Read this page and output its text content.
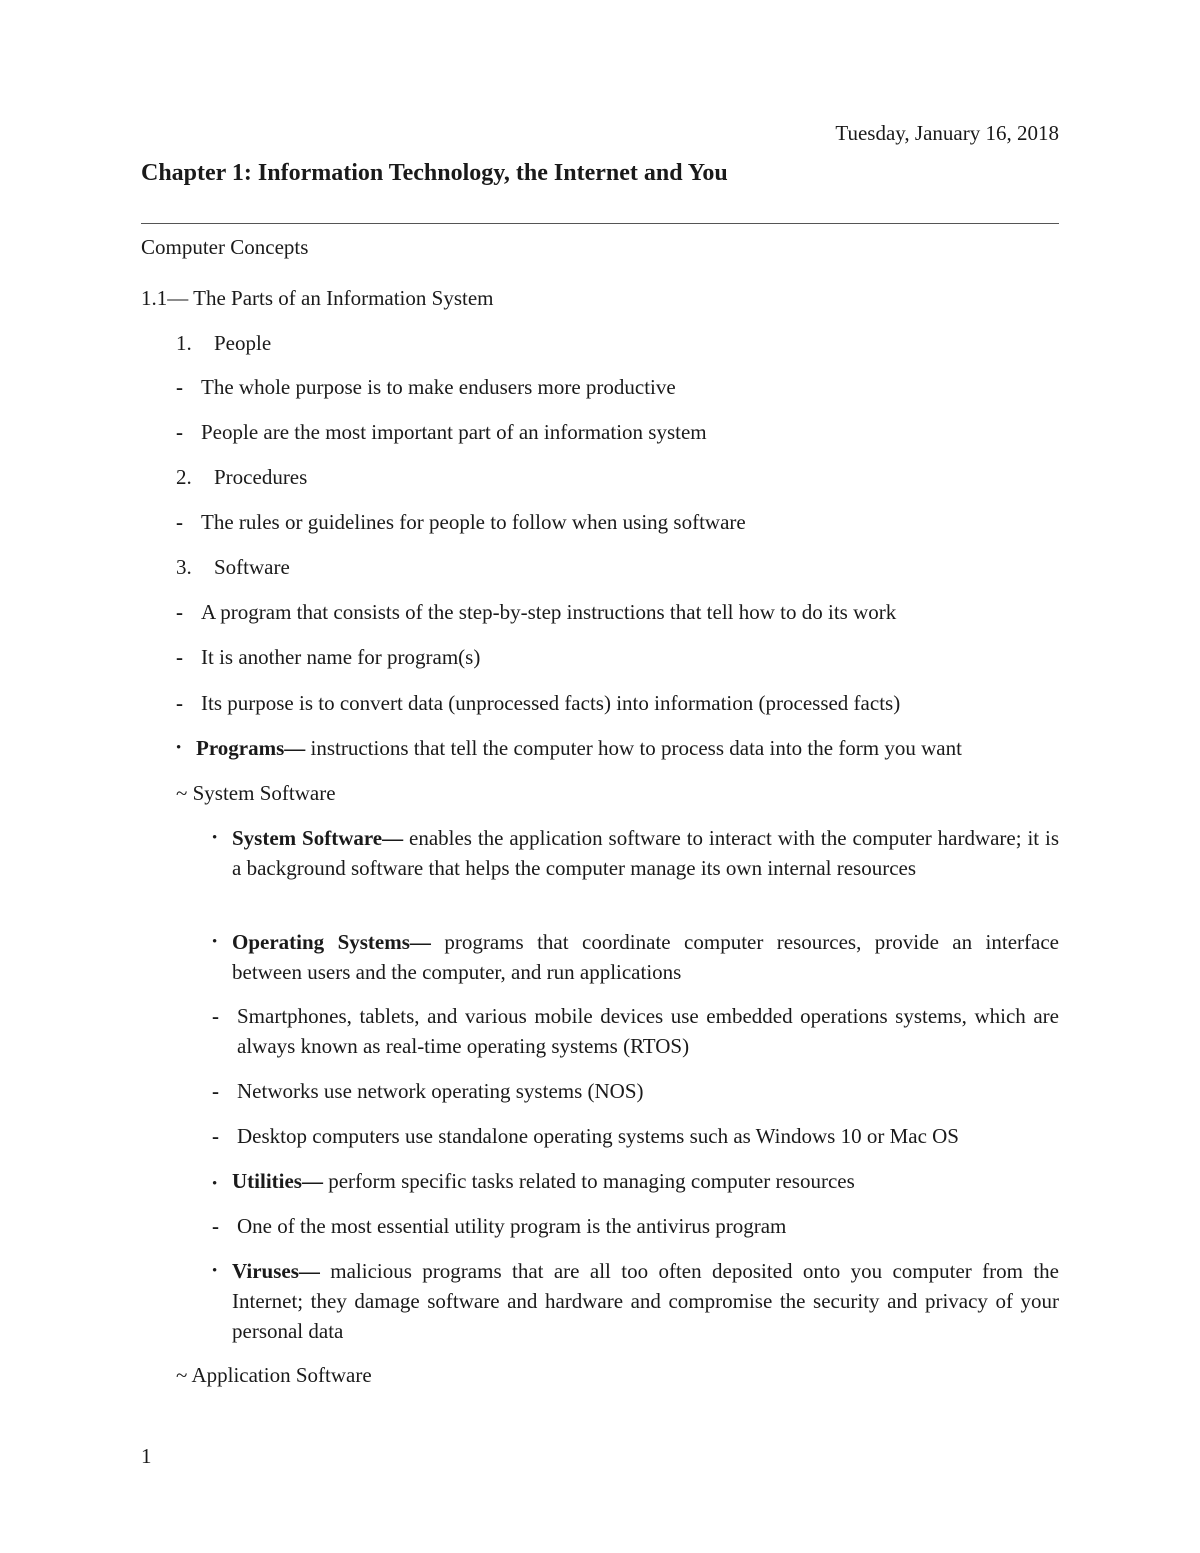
Tuesday, January 16, 2018

Chapter 1: Information Technology, the Internet and You

Computer Concepts

1.1— The Parts of an Information System

1. People

- The whole purpose is to make endusers more productive

- People are the most important part of an information system

2. Procedures

- The rules or guidelines for people to follow when using software

3. Software

- A program that consists of the step-by-step instructions that tell how to do its work

- It is another name for program(s)

- Its purpose is to convert data (unprocessed facts) into information (processed facts)

• Programs— instructions that tell the computer how to process data into the form you want

~ System Software

• System Software— enables the application software to interact with the computer hardware; it is a background software that helps the computer manage its own internal resources
• Operating Systems— programs that coordinate computer resources, provide an interface between users and the computer, and run applications
- Smartphones, tablets, and various mobile devices use embedded operations systems, which are always known as real-time operating systems (RTOS)

- Networks use network operating systems (NOS)

- Desktop computers use standalone operating systems such as Windows 10 or Mac OS

• Utilities— perform specific tasks related to managing computer resources

- One of the most essential utility program is the antivirus program

• Viruses— malicious programs that are all too often deposited onto you computer from the Internet; they damage software and hardware and compromise the security and privacy of your personal data

~ Application Software

1
